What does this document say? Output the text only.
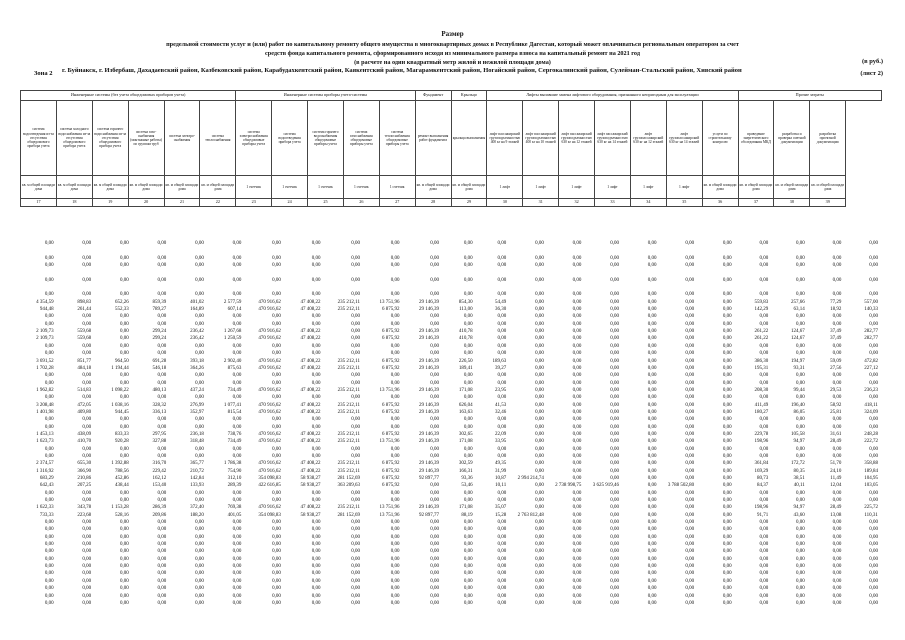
Размер
предельной стоимости услуг и (или) работ по капитальному ремонту общего имущества в многоквартирных домах в Республике Дагестан, который может оплачиваться региональным оператором за счет
средств фонда капитального ремонта, сформированного исходя из минимального размера взноса на капитальный ремонт на 2021 год
(в расчете на один квадратный метр жилой и нежилой площади дома)	(в руб.)
Зона 2 г. Буйнакск, г. Избербаш, Дахадаевский район, Казбековский район, Карабудахкентский район, Каякентский район, Магарамкентский район, Ногайский район, Сергокалинский район, Сулейман-Стальский район, Хивский район	(лист 2)
Инженерные системы (без учета общедомовых приборов учета)						Инженерные системы приборы учета-системы					Фундамент	Крыльцо	Лифты выпавшие замена лифтового оборудования, признанного непригодным для эксплуатации							Прочие затраты		
система водоотведения из-за отсутствия общедомового прибора учета	система холодного водоснабжения из-за отсутствия общедомового прибора учета	система горячего водоснабжения из-за отсутствия общедомового прибора учета	система газо-снабжения (монтажные работы) по группам труб	система электро-снабжения	система теплоснабжения	система электроснабжения общедомовые приборы учета	система водоотведения прибора учета	система горячего водоснабжения общедомовые приборы учета	система газоснабжения общедомовые приборы учета	система теплоснабжения общедомовые приборы учета	ремонт выполнения работ фундамента	крыльца выполнения	лифт пассажирский грузоподъемностью 400 кг на 9 этажей	лифт пассажирский грузоподъемностью 400 кг на 10 этажей	лифт пассажирский грузоподъемностью 630 кг на 12 этажей	лифт пассажирский грузоподъемностью 630 кг на 14 этажей	лифт грузопассажирский 630 кг на 12 этажей	лифт грузопассажирский 630 кг на 14 этажей	услуги по строительному контролю	проведение энергетического обследования МКД	разработка и проверка сметной документации	разработка проектной документации
кв. м общей площади дома	кв. м общей площади дома	кв. м общей площади дома	кв. м общей площади дома	кв. м общей площади дома	кв. м общей площади дома	1 счетчик	1 счетчик	1 счетчик	1 счетчик	1 счетчик	кв. м общей площади дома	кв. м общей площади дома	1 лифт	1 лифт	1 лифт	1 лифт	1 лифт	1 лифт	кв. м общей площади дома	кв. м общей площади дома	кв. м общей площади дома	кв. м общей площади дома
17	18	19	20	21	22	23	24	25	26	27	28	29	30	31	32	33	34	35	36	37	38	39
0,00	0,00	0,00	0,00	0,00	0,00	0,00	0,00	0,00	0,00	0,00	0,00	0,00	0,00	0,00	0,00	0,00	0,00	0,00	0,00	0,00	0,00	0,00
0,00	0,00	0,00	0,00	0,00	0,00	0,00	0,00	0,00	0,00	0,00	0,00	0,00	0,00	0,00	0,00	0,00	0,00	0,00	0,00	0,00	0,00	0,00
0,00	0,00	0,00	0,00	0,00	0,00	0,00	0,00	0,00	0,00	0,00	0,00	0,00	0,00	0,00	0,00	0,00	0,00	0,00	0,00	0,00	0,00	0,00
0,00	0,00	0,00	0,00	0,00	0,00	0,00	0,00	0,00	0,00	0,00	0,00	0,00	0,00	0,00	0,00	0,00	0,00	0,00	0,00	0,00	0,00	0,00
0,00	0,00	0,00	0,00	0,00	0,00	0,00	0,00	0,00	0,00	0,00	0,00	0,00	0,00	0,00	0,00	0,00	0,00	0,00	0,00	0,00	0,00	0,00
4 354,59	898,83	652,26	859,39	401,02	2 577,59	470 916,62	47 408,22	235 212,11	13 751,96	29 146,39	854,30	54,49	0,00	0,00	0,00	0,00	0,00	0,00	559,83	257,66	77,29	557,00
944,48	261,44	552,33	789,27	164,89	607,14	470 916,62	47 408,22	235 212,11	6 875,92	29 146,39	113,00	36,30	0,00	0,00	0,00	0,00	0,00	0,00	142,29	63,14	18,92	140,33
0,00	0,00	0,00	0,00	0,00	0,00	0,00	0,00	0,00	0,00	0,00	0,00	0,00	0,00	0,00	0,00	0,00	0,00	0,00	0,00	0,00	0,00	0,00
0,00	0,00	0,00	0,00	0,00	0,00	0,00	0,00	0,00	0,00	0,00	0,00	0,00	0,00	0,00	0,00	0,00	0,00	0,00	0,00	0,00	0,00	0,00
2 109,73	559,68	0,00	299,24	236,42	1 267,68	470 916,62	47 408,22	0,00	6 875,92	29 146,39	410,78	0,00	0,00	0,00	0,00	0,00	0,00	0,00	261,22	124,67	37,49	282,77
2 109,73	559,68	0,00	299,24	236,42	1 250,59	470 916,62	47 408,22	0,00	6 875,92	29 146,39	410,78	0,00	0,00	0,00	0,00	0,00	0,00	0,00	261,22	124,67	37,49	282,77
0,00	0,00	0,00	0,00	0,00	0,00	0,00	0,00	0,00	0,00	0,00	0,00	0,00	0,00	0,00	0,00	0,00	0,00	0,00	0,00	0,00	0,00	0,00
0,00	0,00	0,00	0,00	0,00	0,00	0,00	0,00	0,00	0,00	0,00	0,00	0,00	0,00	0,00	0,00	0,00	0,00	0,00	0,00	0,00	0,00	0,00
3 691,52	851,77	964,50	691,28	393,18	2 902,40	470 916,62	47 408,22	235 212,11	6 875,92	29 146,39	226,50	189,63	0,00	0,00	0,00	0,00	0,00	0,00	386,30	194,97	59,09	472,82
1 702,28	484,18	1 194,44	546,18	364,26	875,63	470 916,62	47 408,22	235 212,11	6 875,92	29 146,39	189,41	39,27	0,00	0,00	0,00	0,00	0,00	0,00	195,31	93,31	27,56	227,12
0,00	0,00	0,00	0,00	0,00	0,00	0,00	0,00	0,00	0,00	0,00	0,00	0,00	0,00	0,00	0,00	0,00	0,00	0,00	0,00	0,00	0,00	0,00
0,00	0,00	0,00	0,00	0,00	0,00	0,00	0,00	0,00	0,00	0,00	0,00	0,00	0,00	0,00	0,00	0,00	0,00	0,00	0,00	0,00	0,00	0,00
1 962,82	514,83	1 098,22	480,13	437,24	734,49	470 916,62	47 408,22	235 212,11	13 751,96	29 146,39	171,08	23,95	0,00	0,00	0,00	0,00	0,00	0,00	208,30	99,44	29,53	236,23
0,00	0,00	0,00	0,00	0,00	0,00	0,00	0,00	0,00	0,00	0,00	0,00	0,00	0,00	0,00	0,00	0,00	0,00	0,00	0,00	0,00	0,00	0,00
3 208,48	472,05	1 038,16	328,32	276,99	1 077,41	470 916,62	47 408,22	235 212,11	6 875,92	29 146,39	626,04	41,53	0,00	0,00	0,00	0,00	0,00	0,00	411,49	196,40	58,92	418,11
1 401,98	409,80	944,45	336,13	352,97	815,54	470 916,62	47 408,22	235 212,11	6 875,92	29 146,39	163,63	32,46	0,00	0,00	0,00	0,00	0,00	0,00	180,27	86,05	25,81	324,09
0,00	0,00	0,00	0,00	0,00	0,00	0,00	0,00	0,00	0,00	0,00	0,00	0,00	0,00	0,00	0,00	0,00	0,00	0,00	0,00	0,00	0,00	0,00
0,00	0,00	0,00	0,00	0,00	0,00	0,00	0,00	0,00	0,00	0,00	0,00	0,00	0,00	0,00	0,00	0,00	0,00	0,00	0,00	0,00	0,00	0,00
1 453,13	438,09	833,33	297,95	236,18	738,76	470 916,62	47 408,22	235 212,11	6 875,92	29 146,39	302,65	22,09	0,00	0,00	0,00	0,00	0,00	0,00	229,78	105,58	31,61	248,28
1 623,73	410,70	920,28	327,88	318,48	734,49	470 916,62	47 408,22	235 212,11	13 751,96	29 146,39	171,08	33,95	0,00	0,00	0,00	0,00	0,00	0,00	198,96	94,97	28,49	222,72
0,00	0,00	0,00	0,00	0,00	0,00	0,00	0,00	0,00	0,00	0,00	0,00	0,00	0,00	0,00	0,00	0,00	0,00	0,00	0,00	0,00	0,00	0,00
0,00	0,00	0,00	0,00	0,00	0,00	0,00	0,00	0,00	0,00	0,00	0,00	0,00	0,00	0,00	0,00	0,00	0,00	0,00	0,00	0,00	0,00	0,00
2 374,57	655,30	1 392,88	316,70	365,77	1 786,38	470 916,62	47 408,22	235 212,11	6 875,92	29 146,39	302,59	49,35	0,00	0,00	0,00	0,00	0,00	0,00	361,84	172,72	51,70	358,88
1 316,92	366,90	788,56	229,42	210,72	754,90	470 916,62	47 408,22	235 212,11	6 875,92	29 146,39	166,31	31,99	0,00	0,00	0,00	0,00	0,00	0,00	169,29	80,35	24,10	189,84
683,29	210,86	452,86	162,12	142,84	312,10	354 098,83	58 938,27	281 152,69	6 875,92	92 897,77	93,36	10,87	2 994 214,74	0,00	0,00	0,00	0,00	0,00	80,73	38,51	11,49	104,95
642,43	207,25	438,44	153,40	133,93	289,39	422 616,85	58 938,27	363 209,63	6 875,92	0,00	53,46	10,11	0,00	2 738 998,75	3 625 919,46	0,00	3 788 502,80	0,00	84,37	40,11	12,04	103,05
0,00	0,00	0,00	0,00	0,00	0,00	0,00	0,00	0,00	0,00	0,00	0,00	0,00	0,00	0,00	0,00	0,00	0,00	0,00	0,00	0,00	0,00	0,00
0,00	0,00	0,00	0,00	0,00	0,00	0,00	0,00	0,00	0,00	0,00	0,00	0,00	0,00	0,00	0,00	0,00	0,00	0,00	0,00	0,00	0,00	0,00
1 622,33	343,78	1 153,28	286,39	372,40	769,38	470 916,62	47 408,22	235 212,11	13 751,96	29 146,39	171,08	35,07	0,00	0,00	0,00	0,00	0,00	0,00	198,96	94,97	28,49	225,72
733,33	223,68	528,16	209,86	188,20	401,05	354 098,83	58 938,27	281 152,69	13 751,96	92 897,77	88,19	15,28	2 763 812,48	0,00	0,00	0,00	0,00	0,00	91,71	43,60	13,08	110,31
0,00	0,00	0,00	0,00	0,00	0,00	0,00	0,00	0,00	0,00	0,00	0,00	0,00	0,00	0,00	0,00	0,00	0,00	0,00	0,00	0,00	0,00	0,00
0,00	0,00	0,00	0,00	0,00	0,00	0,00	0,00	0,00	0,00	0,00	0,00	0,00	0,00	0,00	0,00	0,00	0,00	0,00	0,00	0,00	0,00	0,00
0,00	0,00	0,00	0,00	0,00	0,00	0,00	0,00	0,00	0,00	0,00	0,00	0,00	0,00	0,00	0,00	0,00	0,00	0,00	0,00	0,00	0,00	0,00
0,00	0,00	0,00	0,00	0,00	0,00	0,00	0,00	0,00	0,00	0,00	0,00	0,00	0,00	0,00	0,00	0,00	0,00	0,00	0,00	0,00	0,00	0,00
0,00	0,00	0,00	0,00	0,00	0,00	0,00	0,00	0,00	0,00	0,00	0,00	0,00	0,00	0,00	0,00	0,00	0,00	0,00	0,00	0,00	0,00	0,00
0,00	0,00	0,00	0,00	0,00	0,00	0,00	0,00	0,00	0,00	0,00	0,00	0,00	0,00	0,00	0,00	0,00	0,00	0,00	0,00	0,00	0,00	0,00
0,00	0,00	0,00	0,00	0,00	0,00	0,00	0,00	0,00	0,00	0,00	0,00	0,00	0,00	0,00	0,00	0,00	0,00	0,00	0,00	0,00	0,00	0,00
0,00	0,00	0,00	0,00	0,00	0,00	0,00	0,00	0,00	0,00	0,00	0,00	0,00	0,00	0,00	0,00	0,00	0,00	0,00	0,00	0,00	0,00	0,00
0,00	0,00	0,00	0,00	0,00	0,00	0,00	0,00	0,00	0,00	0,00	0,00	0,00	0,00	0,00	0,00	0,00	0,00	0,00	0,00	0,00	0,00	0,00
0,00	0,00	0,00	0,00	0,00	0,00	0,00	0,00	0,00	0,00	0,00	0,00	0,00	0,00	0,00	0,00	0,00	0,00	0,00	0,00	0,00	0,00	0,00
0,00	0,00	0,00	0,00	0,00	0,00	0,00	0,00	0,00	0,00	0,00	0,00	0,00	0,00	0,00	0,00	0,00	0,00	0,00	0,00	0,00	0,00	0,00
0,00	0,00	0,00	0,00	0,00	0,00	0,00	0,00	0,00	0,00	0,00	0,00	0,00	0,00	0,00	0,00	0,00	0,00	0,00	0,00	0,00	0,00	0,00
